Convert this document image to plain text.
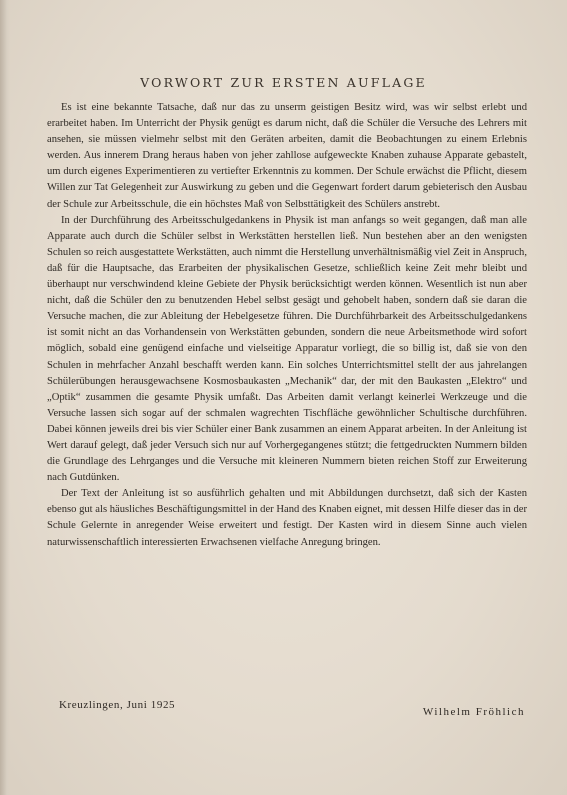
VORWORT ZUR ERSTEN AUFLAGE

Es ist eine bekannte Tatsache, daß nur das zu unserm geistigen Besitz wird, was wir selbst erlebt und erarbeitet haben. Im Unterricht der Physik genügt es darum nicht, daß die Schüler die Versuche des Lehrers mit ansehen, sie müssen vielmehr selbst mit den Geräten arbeiten, damit die Beobachtungen zu einem Erlebnis werden. Aus innerem Drang heraus haben von jeher zahllose aufgeweckte Knaben zuhause Apparate gebastelt, um durch eigenes Experimentieren zu vertiefter Erkenntnis zu kommen. Der Schule erwächst die Pflicht, diesem Willen zur Tat Gelegenheit zur Auswirkung zu geben und die Gegenwart fordert darum gebieterisch den Ausbau der Schule zur Arbeitsschule, die ein höchstes Maß von Selbsttätigkeit des Schülers anstrebt.

In der Durchführung des Arbeitsschulgedankens in Physik ist man anfangs so weit gegangen, daß man alle Apparate auch durch die Schüler selbst in Werkstätten herstellen ließ. Nun bestehen aber an den wenigsten Schulen so reich ausgestattete Werkstätten, auch nimmt die Herstellung unverhältnismäßig viel Zeit in Anspruch, daß für die Hauptsache, das Erarbeiten der physikalischen Gesetze, schließlich keine Zeit mehr bleibt und überhaupt nur verschwindend kleine Gebiete der Physik berücksichtigt werden können. Wesentlich ist nun aber nicht, daß die Schüler den zu benutzenden Hebel selbst gesägt und gehobelt haben, sondern daß sie daran die Versuche machen, die zur Ableitung der Hebelgesetze führen. Die Durchführbarkeit des Arbeitsschulgedankens ist somit nicht an das Vorhandensein von Werkstätten gebunden, sondern die neue Arbeitsmethode wird sofort möglich, sobald eine genügend einfache und vielseitige Apparatur vorliegt, die so billig ist, daß sie von den Schulen in mehrfacher Anzahl beschafft werden kann. Ein solches Unterrichtsmittel stellt der aus jahrelangen Schülerübungen herausgewachsene Kosmosbaukasten „Mechanik“ dar, der mit den Baukasten „Elektro“ und „Optik“ zusammen die gesamte Physik umfaßt. Das Arbeiten damit verlangt keinerlei Werkzeuge und die Versuche lassen sich sogar auf der schmalen wagrechten Tischfläche gewöhnlicher Schultische durchführen. Dabei können jeweils drei bis vier Schüler einer Bank zusammen an einem Apparat arbeiten. In der Anleitung ist Wert darauf gelegt, daß jeder Versuch sich nur auf Vorhergegangenes stützt; die fettgedruckten Nummern bilden die Grundlage des Lehrganges und die Versuche mit kleineren Nummern bieten reichen Stoff zur Erweiterung nach Gutdünken.

Der Text der Anleitung ist so ausführlich gehalten und mit Abbildungen durchsetzt, daß sich der Kasten ebenso gut als häusliches Beschäftigungsmittel in der Hand des Knaben eignet, mit dessen Hilfe dieser das in der Schule Gelernte in anregender Weise erweitert und festigt. Der Kasten wird in diesem Sinne auch vielen naturwissenschaftlich interessierten Erwachsenen vielfache Anregung bringen.

Kreuzlingen, Juni 1925
Wilhelm Fröhlich
